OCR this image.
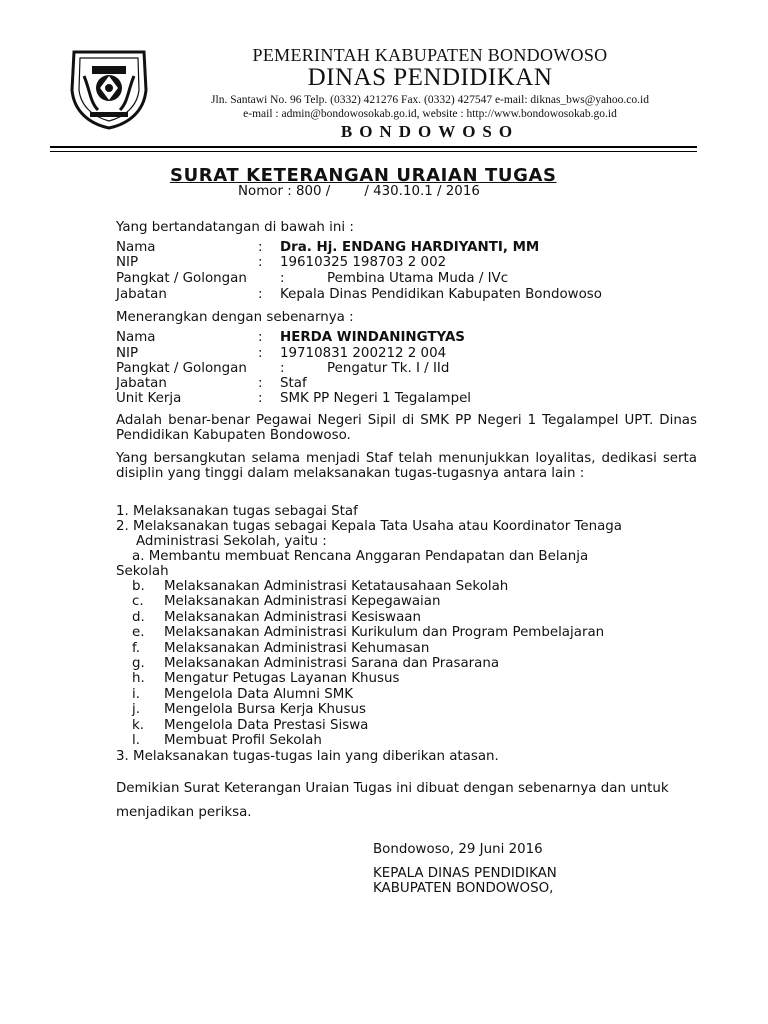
PEMERINTAH KABUPATEN BONDOWOSO
DINAS PENDIDIKAN
Jln. Santawi No. 96 Telp. (0332) 421276 Fax. (0332) 427547 e-mail: diknas_bws@yahoo.co.id
e-mail : admin@bondowosokab.go.id, website : http://www.bondowosokab.go.id
BONDOWOSO
SURAT KETERANGAN URAIAN TUGAS
Nomor : 800 /        / 430.10.1 / 2016
Yang bertandatangan di bawah ini :
Nama	: Dra. Hj. ENDANG HARDIYANTI, MM
NIP	: 19610325 198703 2 002
Pangkat / Golongan :	Pembina Utama Muda / IVc
Jabatan	: Kepala Dinas Pendidikan Kabupaten Bondowoso
Menerangkan dengan sebenarnya :
Nama	: HERDA WINDANINGTYAS
NIP	: 19710831 200212 2 004
Pangkat / Golongan :	Pengatur Tk. I / IId
Jabatan	: Staf
Unit Kerja	: SMK PP Negeri 1 Tegalampel
Adalah benar-benar Pegawai Negeri Sipil di SMK PP Negeri 1 Tegalampel UPT. Dinas Pendidikan Kabupaten Bondowoso.
Yang bersangkutan selama menjadi Staf telah menunjukkan loyalitas, dedikasi serta disiplin yang tinggi dalam melaksanakan tugas-tugasnya antara lain :
1. Melaksanakan tugas sebagai Staf
2. Melaksanakan tugas sebagai Kepala Tata Usaha atau Koordinator Tenaga
Administrasi Sekolah, yaitu :
a. Membantu membuat Rencana Anggaran Pendapatan dan Belanja
Sekolah
b. Melaksanakan Administrasi Ketatausahaan Sekolah
c. Melaksanakan Administrasi Kepegawaian
d. Melaksanakan Administrasi Kesiswaan
e. Melaksanakan Administrasi Kurikulum dan Program Pembelajaran
f. Melaksanakan Administrasi Kehumasan
g. Melaksanakan Administrasi Sarana dan Prasarana
h. Mengatur Petugas Layanan Khusus
i. Mengelola Data Alumni SMK
j. Mengelola Bursa Kerja Khusus
k. Mengelola Data Prestasi Siswa
l. Membuat Profil Sekolah
3. Melaksanakan tugas-tugas lain yang diberikan atasan.
Demikian Surat Keterangan Uraian Tugas ini dibuat dengan sebenarnya dan untuk menjadikan periksa.
Bondowoso, 29 Juni 2016
KEPALA DINAS PENDIDIKAN
KABUPATEN BONDOWOSO,
